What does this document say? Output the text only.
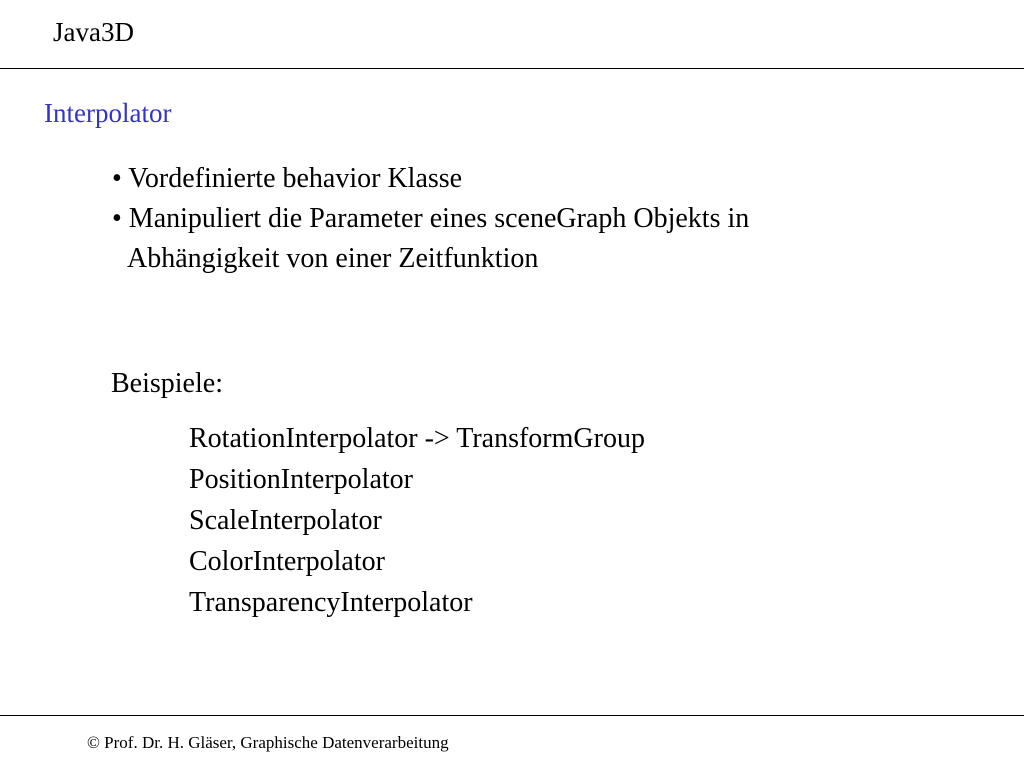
Java3D
Interpolator
• Vordefinierte behavior Klasse
• Manipuliert die Parameter eines sceneGraph Objekts in
Abhängigkeit von einer Zeitfunktion
Beispiele:
RotationInterpolator -> TransformGroup
PositionInterpolator
ScaleInterpolator
ColorInterpolator
TransparencyInterpolator
© Prof. Dr. H. Gläser, Graphische Datenverarbeitung
